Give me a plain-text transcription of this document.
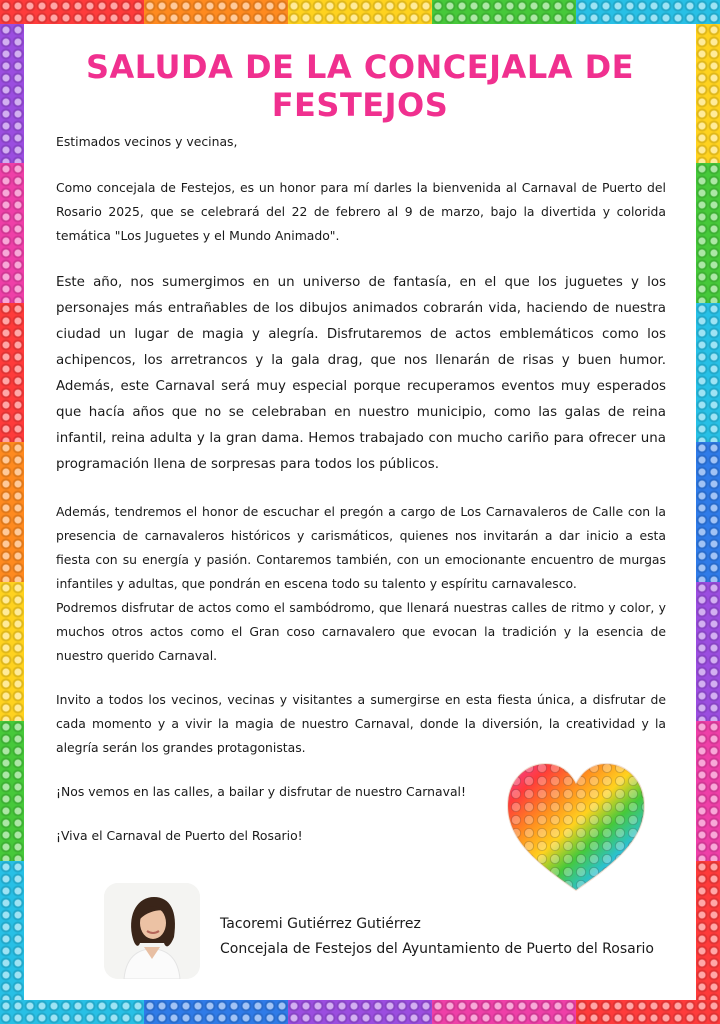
SALUDA DE LA CONCEJALA DE FESTEJOS

Estimados vecinos y vecinas,

Como concejala de Festejos, es un honor para mí darles la bienvenida al Carnaval de Puerto del Rosario 2025, que se celebrará del 22 de febrero al 9 de marzo, bajo la divertida y colorida temática "Los Juguetes y el Mundo Animado".

Este año, nos sumergimos en un universo de fantasía, en el que los juguetes y los personajes más entrañables de los dibujos animados cobrarán vida, haciendo de nuestra ciudad un lugar de magia y alegría. Disfrutaremos de actos emblemáticos como los achipencos, los arretrancos y la gala drag, que nos llenarán de risas y buen humor. Además, este Carnaval será muy especial porque recuperamos eventos muy esperados que hacía años que no se celebraban en nuestro municipio, como las galas de reina infantil, reina adulta y la gran dama. Hemos trabajado con mucho cariño para ofrecer una programación llena de sorpresas para todos los públicos.

Además, tendremos el honor de escuchar el pregón a cargo de Los Carnavaleros de Calle con la presencia de carnavaleros históricos y carismáticos, quienes nos invitarán a dar inicio a esta fiesta con su energía y pasión. Contaremos también, con un emocionante encuentro de murgas infantiles y adultas, que pondrán en escena todo su talento y espíritu carnavalesco.

Podremos disfrutar de actos como el sambódromo, que llenará nuestras calles de ritmo y color, y muchos otros actos como el Gran coso carnavalero que evocan la tradición y la esencia de nuestro querido Carnaval.

Invito a todos los vecinos, vecinas y visitantes a sumergirse en esta fiesta única, a disfrutar de cada momento y a vivir la magia de nuestro Carnaval, donde la diversión, la creatividad y la alegría serán los grandes protagonistas.

¡Nos vemos en las calles, a bailar y disfrutar de nuestro Carnaval!

¡Viva el Carnaval de Puerto del Rosario!

Tacoremi Gutiérrez Gutiérrez
Concejala de Festejos del Ayuntamiento de Puerto del Rosario
